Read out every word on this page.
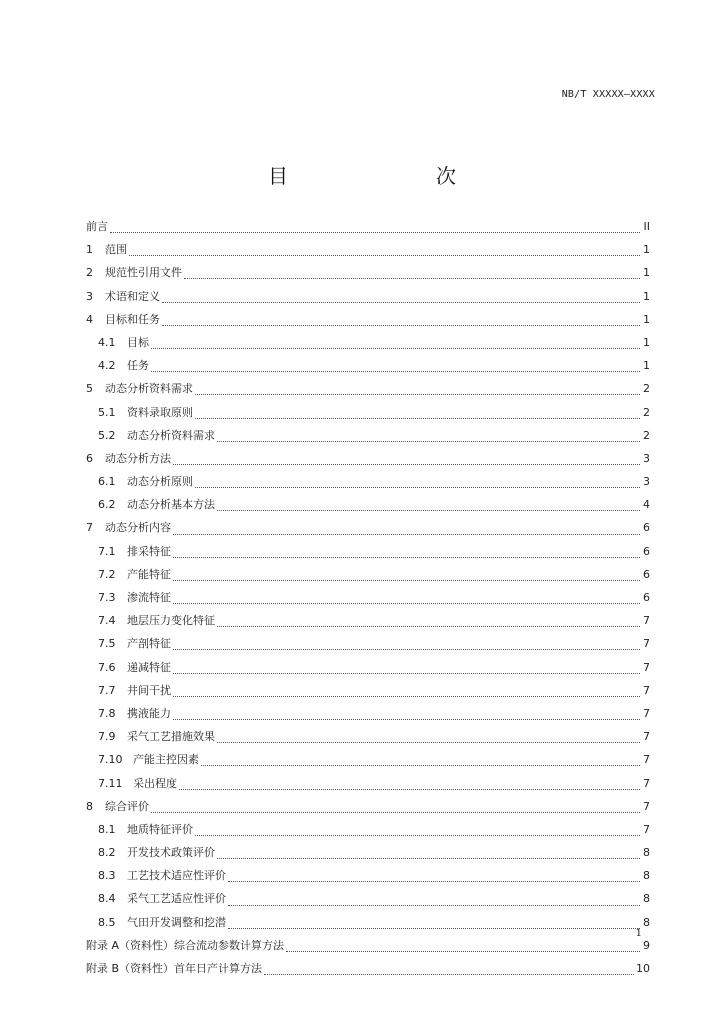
NB/T XXXXX—XXXX
目　　次
前言	II
1	范围	1
2	规范性引用文件	1
3	术语和定义	1
4	目标和任务	1
4.1	目标	1
4.2	任务	1
5	动态分析资料需求	2
5.1	资料录取原则	2
5.2	动态分析资料需求	2
6	动态分析方法	3
6.1	动态分析原则	3
6.2	动态分析基本方法	4
7	动态分析内容	6
7.1	排采特征	6
7.2	产能特征	6
7.3	渗流特征	6
7.4	地层压力变化特征	7
7.5	产剖特征	7
7.6	递减特征	7
7.7	井间干扰	7
7.8	携液能力	7
7.9	采气工艺措施效果	7
7.10 产能主控因素	7
7.11 采出程度	7
8	综合评价	7
8.1	地质特征评价	7
8.2	开发技术政策评价	8
8.3	工艺技术适应性评价	8
8.4	采气工艺适应性评价	8
8.5	气田开发调整和挖潜	8
附录 A（资料性）综合流动参数计算方法	9
附录 B（资料性）首年日产计算方法	10
1
